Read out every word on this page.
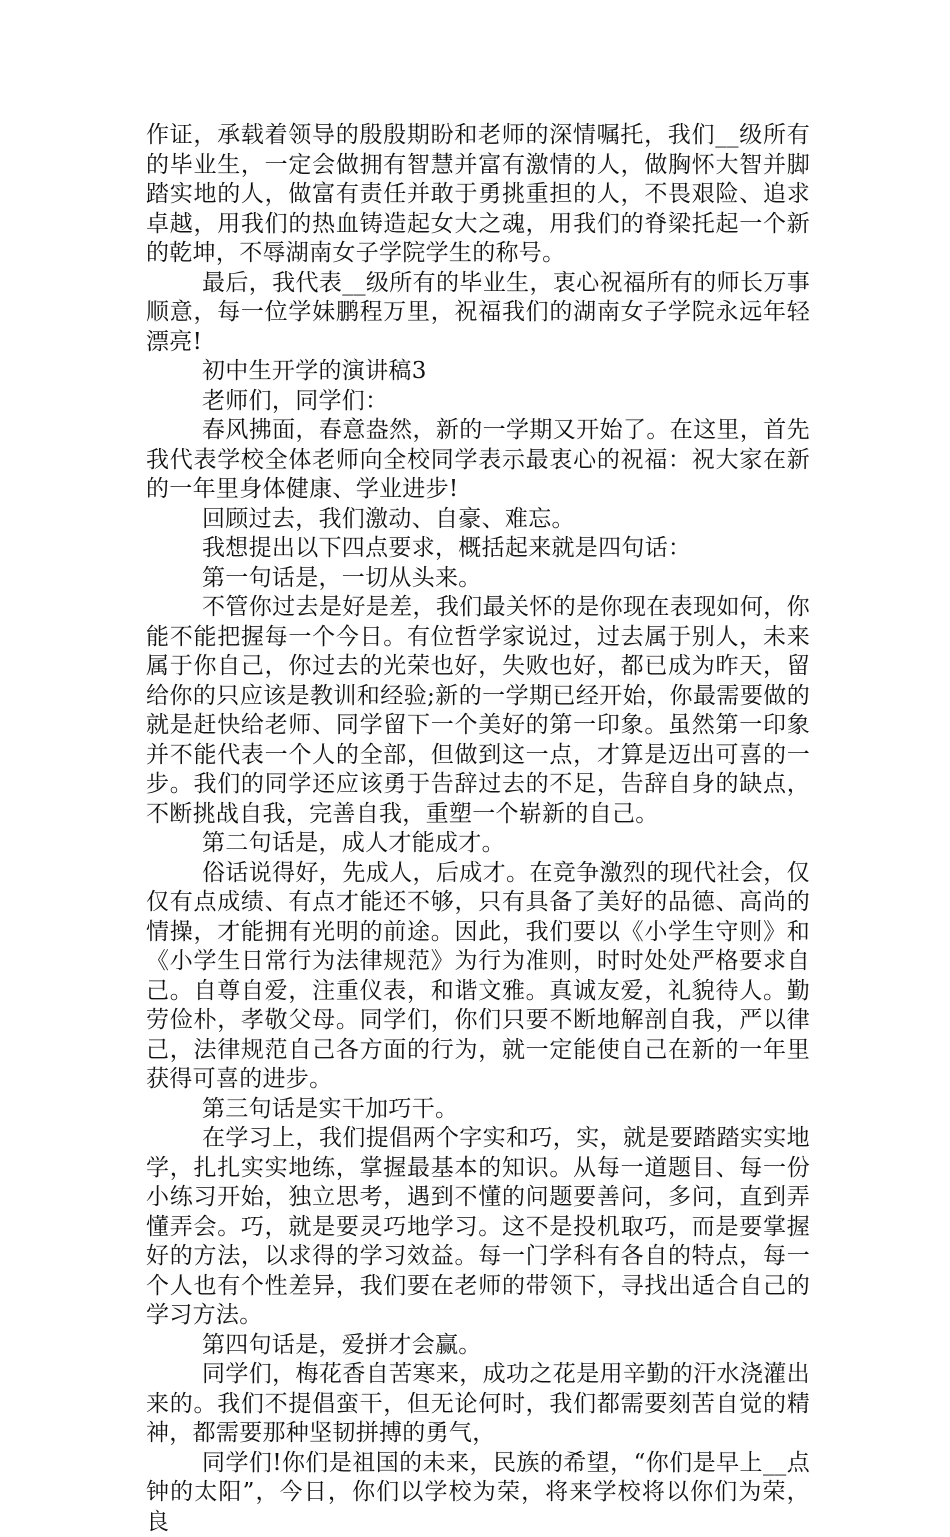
作证，承载着领导的殷殷期盼和老师的深情嘱托，我们__级所有的毕业生，一定会做拥有智慧并富有激情的人，做胸怀大智并脚踏实地的人，做富有责任并敢于勇挑重担的人，不畏艰险、追求卓越，用我们的热血铸造起女大之魂，用我们的脊梁托起一个新的乾坤，不辱湖南女子学院学生的称号。

最后，我代表__级所有的毕业生，衷心祝福所有的师长万事顺意，每一位学妹鹏程万里，祝福我们的湖南女子学院永远年轻漂亮!

初中生开学的演讲稿3

老师们，同学们：

春风拂面，春意盎然，新的一学期又开始了。在这里，首先我代表学校全体老师向全校同学表示最衷心的祝福：祝大家在新的一年里身体健康、学业进步!

回顾过去，我们激动、自豪、难忘。

我想提出以下四点要求，概括起来就是四句话：

第一句话是，一切从头来。

不管你过去是好是差，我们最关怀的是你现在表现如何，你能不能把握每一个今日。有位哲学家说过，过去属于别人，未来属于你自己，你过去的光荣也好，失败也好，都已成为昨天，留给你的只应该是教训和经验;新的一学期已经开始，你最需要做的就是赶快给老师、同学留下一个美好的第一印象。虽然第一印象并不能代表一个人的全部，但做到这一点，才算是迈出可喜的一步。我们的同学还应该勇于告辞过去的不足，告辞自身的缺点，不断挑战自我，完善自我，重塑一个崭新的自己。

第二句话是，成人才能成才。

俗话说得好，先成人，后成才。在竞争激烈的现代社会，仅仅有点成绩、有点才能还不够，只有具备了美好的品德、高尚的情操，才能拥有光明的前途。因此，我们要以《小学生守则》和《小学生日常行为法律规范》为行为准则，时时处处严格要求自己。自尊自爱，注重仪表，和谐文雅。真诚友爱，礼貌待人。勤劳俭朴，孝敬父母。同学们，你们只要不断地解剖自我，严以律己，法律规范自己各方面的行为，就一定能使自己在新的一年里获得可喜的进步。

第三句话是实干加巧干。

在学习上，我们提倡两个字实和巧，实，就是要踏踏实实地学，扎扎实实地练，掌握最基本的知识。从每一道题目、每一份小练习开始，独立思考，遇到不懂的问题要善问，多问，直到弄懂弄会。巧，就是要灵巧地学习。这不是投机取巧，而是要掌握好的方法，以求得的学习效益。每一门学科有各自的特点，每一个人也有个性差异，我们要在老师的带领下，寻找出适合自己的学习方法。

第四句话是，爱拼才会赢。

同学们，梅花香自苦寒来，成功之花是用辛勤的汗水浇灌出来的。我们不提倡蛮干，但无论何时，我们都需要刻苦自觉的精神，都需要那种坚韧拼搏的勇气，

同学们!你们是祖国的未来，民族的希望，“你们是早上__点钟的太阳”，今日，你们以学校为荣，将来学校将以你们为荣，良
